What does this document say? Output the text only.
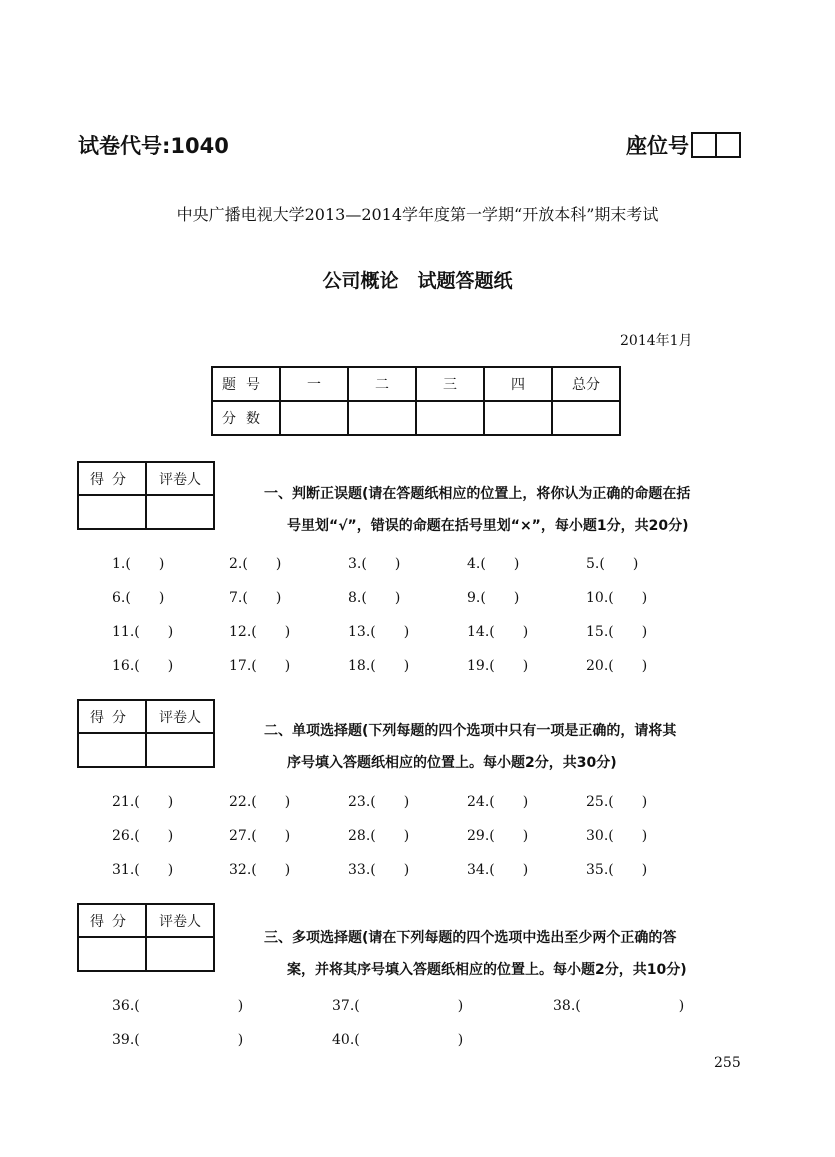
试卷代号:1040	座位号
中央广播电视大学2013—2014学年度第一学期“开放本科”期末考试
公司概论　试题答题纸
2014年1月
题号	一	二	三	四	总分
分数					
得分	评卷人

一、判断正误题(请在答题纸相应的位置上，将你认为正确的命题在括
号里划“√”，错误的命题在括号里划“×”，每小题1分，共20分)
1.(　　)	2.(　　)	3.(　　)	4.(　　)	5.(　　)
6.(　　)	7.(　　)	8.(　　)	9.(　　)	10.(　　)
11.(　　)	12.(　　)	13.(　　)	14.(　　)	15.(　　)
16.(　　)	17.(　　)	18.(　　)	19.(　　)	20.(　　)
得分	评卷人

二、单项选择题(下列每题的四个选项中只有一项是正确的，请将其
序号填入答题纸相应的位置上。每小题2分，共30分)
21.(　　)	22.(　　)	23.(　　)	24.(　　)	25.(　　)
26.(　　)	27.(　　)	28.(　　)	29.(　　)	30.(　　)
31.(　　)	32.(　　)	33.(　　)	34.(　　)	35.(　　)
得分	评卷人

三、多项选择题(请在下列每题的四个选项中选出至少两个正确的答
案，并将其序号填入答题纸相应的位置上。每小题2分，共10分)
36.(　　　　　　　)	37.(　　　　　　　)	38.(　　　　　　　)
39.(　　　　　　　)	40.(　　　　　　　)
255
